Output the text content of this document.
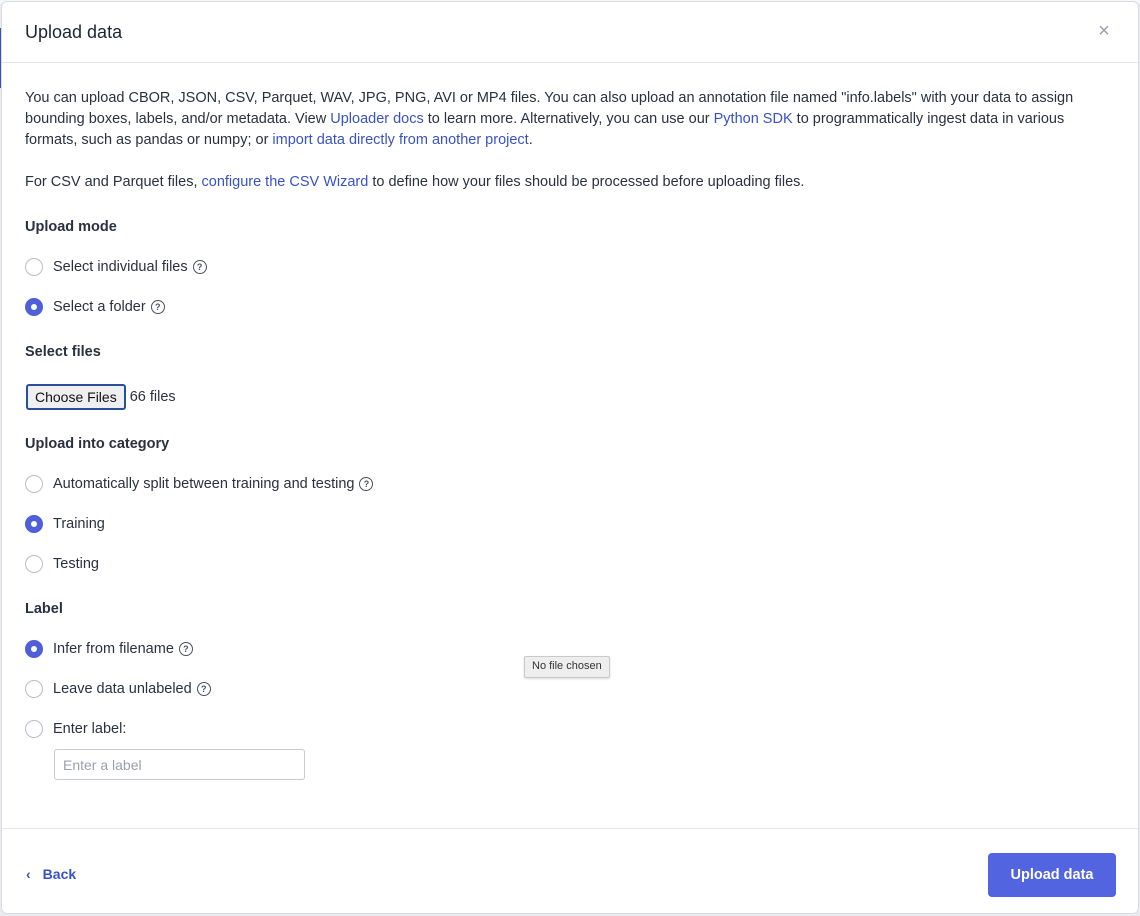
Upload data	×

You can upload CBOR, JSON, CSV, Parquet, WAV, JPG, PNG, AVI or MP4 files. You can also upload an annotation file named "info.labels" with your data to assign bounding boxes, labels, and/or metadata. View Uploader docs to learn more. Alternatively, you can use our Python SDK to programmatically ingest data in various formats, such as pandas or numpy; or import data directly from another project.

For CSV and Parquet files, configure the CSV Wizard to define how your files should be processed before uploading files.

Upload mode
Select individual files	?
Select a folder	?
Select files
Choose Files 66 files
Upload into category
Automatically split between training and testing	?
Training
Testing
Label
Infer from filename	?
Leave data unlabeled	?
Enter label:
Enter a label
‹ Back	Upload data
No file chosen
